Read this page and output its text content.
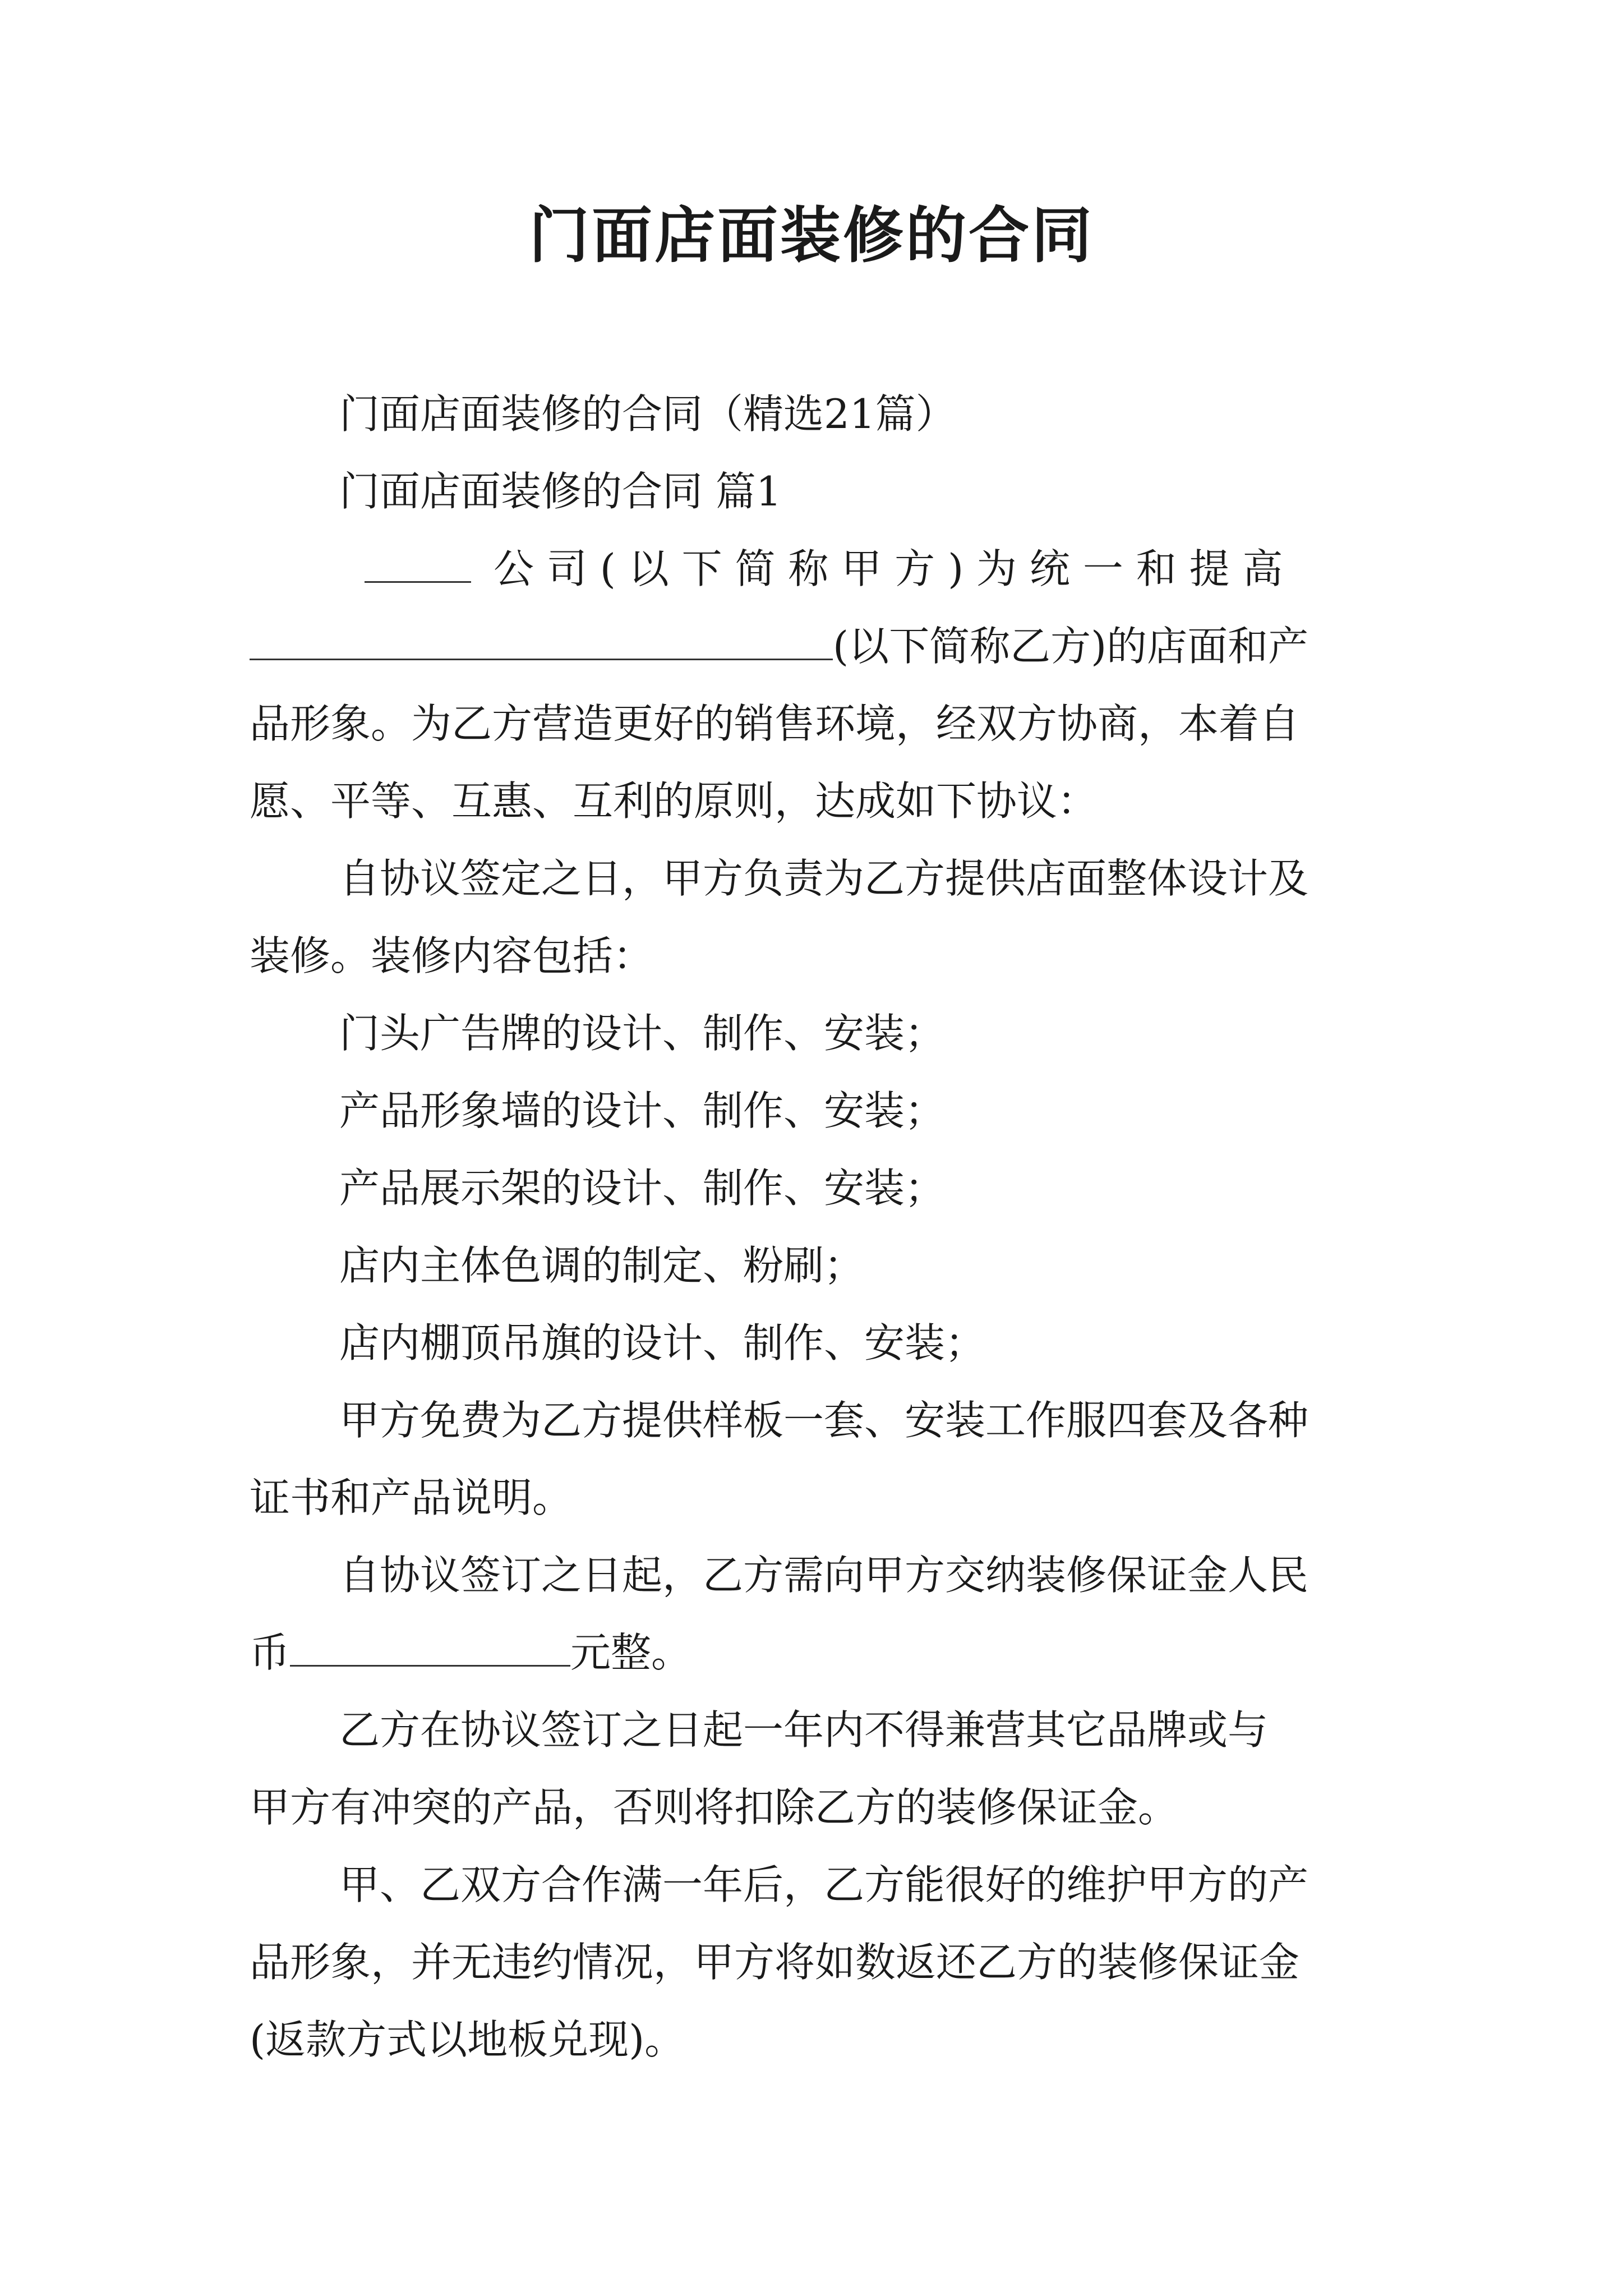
门面店面装修的合同
门面店面装修的合同（精选21篇）
门面店面装修的合同 篇1
公 司 ( 以 下 简 称 甲 方 ) 为 统 一 和 提 高
(以下简称乙方)的店面和产
品形象。为乙方营造更好的销售环境，经双方协商，本着自
愿、平等、互惠、互利的原则，达成如下协议：
自协议签定之日，甲方负责为乙方提供店面整体设计及
装修。装修内容包括：
门头广告牌的设计、制作、安装；
产品形象墙的设计、制作、安装；
产品展示架的设计、制作、安装；
店内主体色调的制定、粉刷；
店内棚顶吊旗的设计、制作、安装；
甲方免费为乙方提供样板一套、安装工作服四套及各种
证书和产品说明。
自协议签订之日起，乙方需向甲方交纳装修保证金人民
币	元整。
乙方在协议签订之日起一年内不得兼营其它品牌或与
甲方有冲突的产品，否则将扣除乙方的装修保证金。
甲、乙双方合作满一年后，乙方能很好的维护甲方的产
品形象，并无违约情况，甲方将如数返还乙方的装修保证金
(返款方式以地板兑现)。
